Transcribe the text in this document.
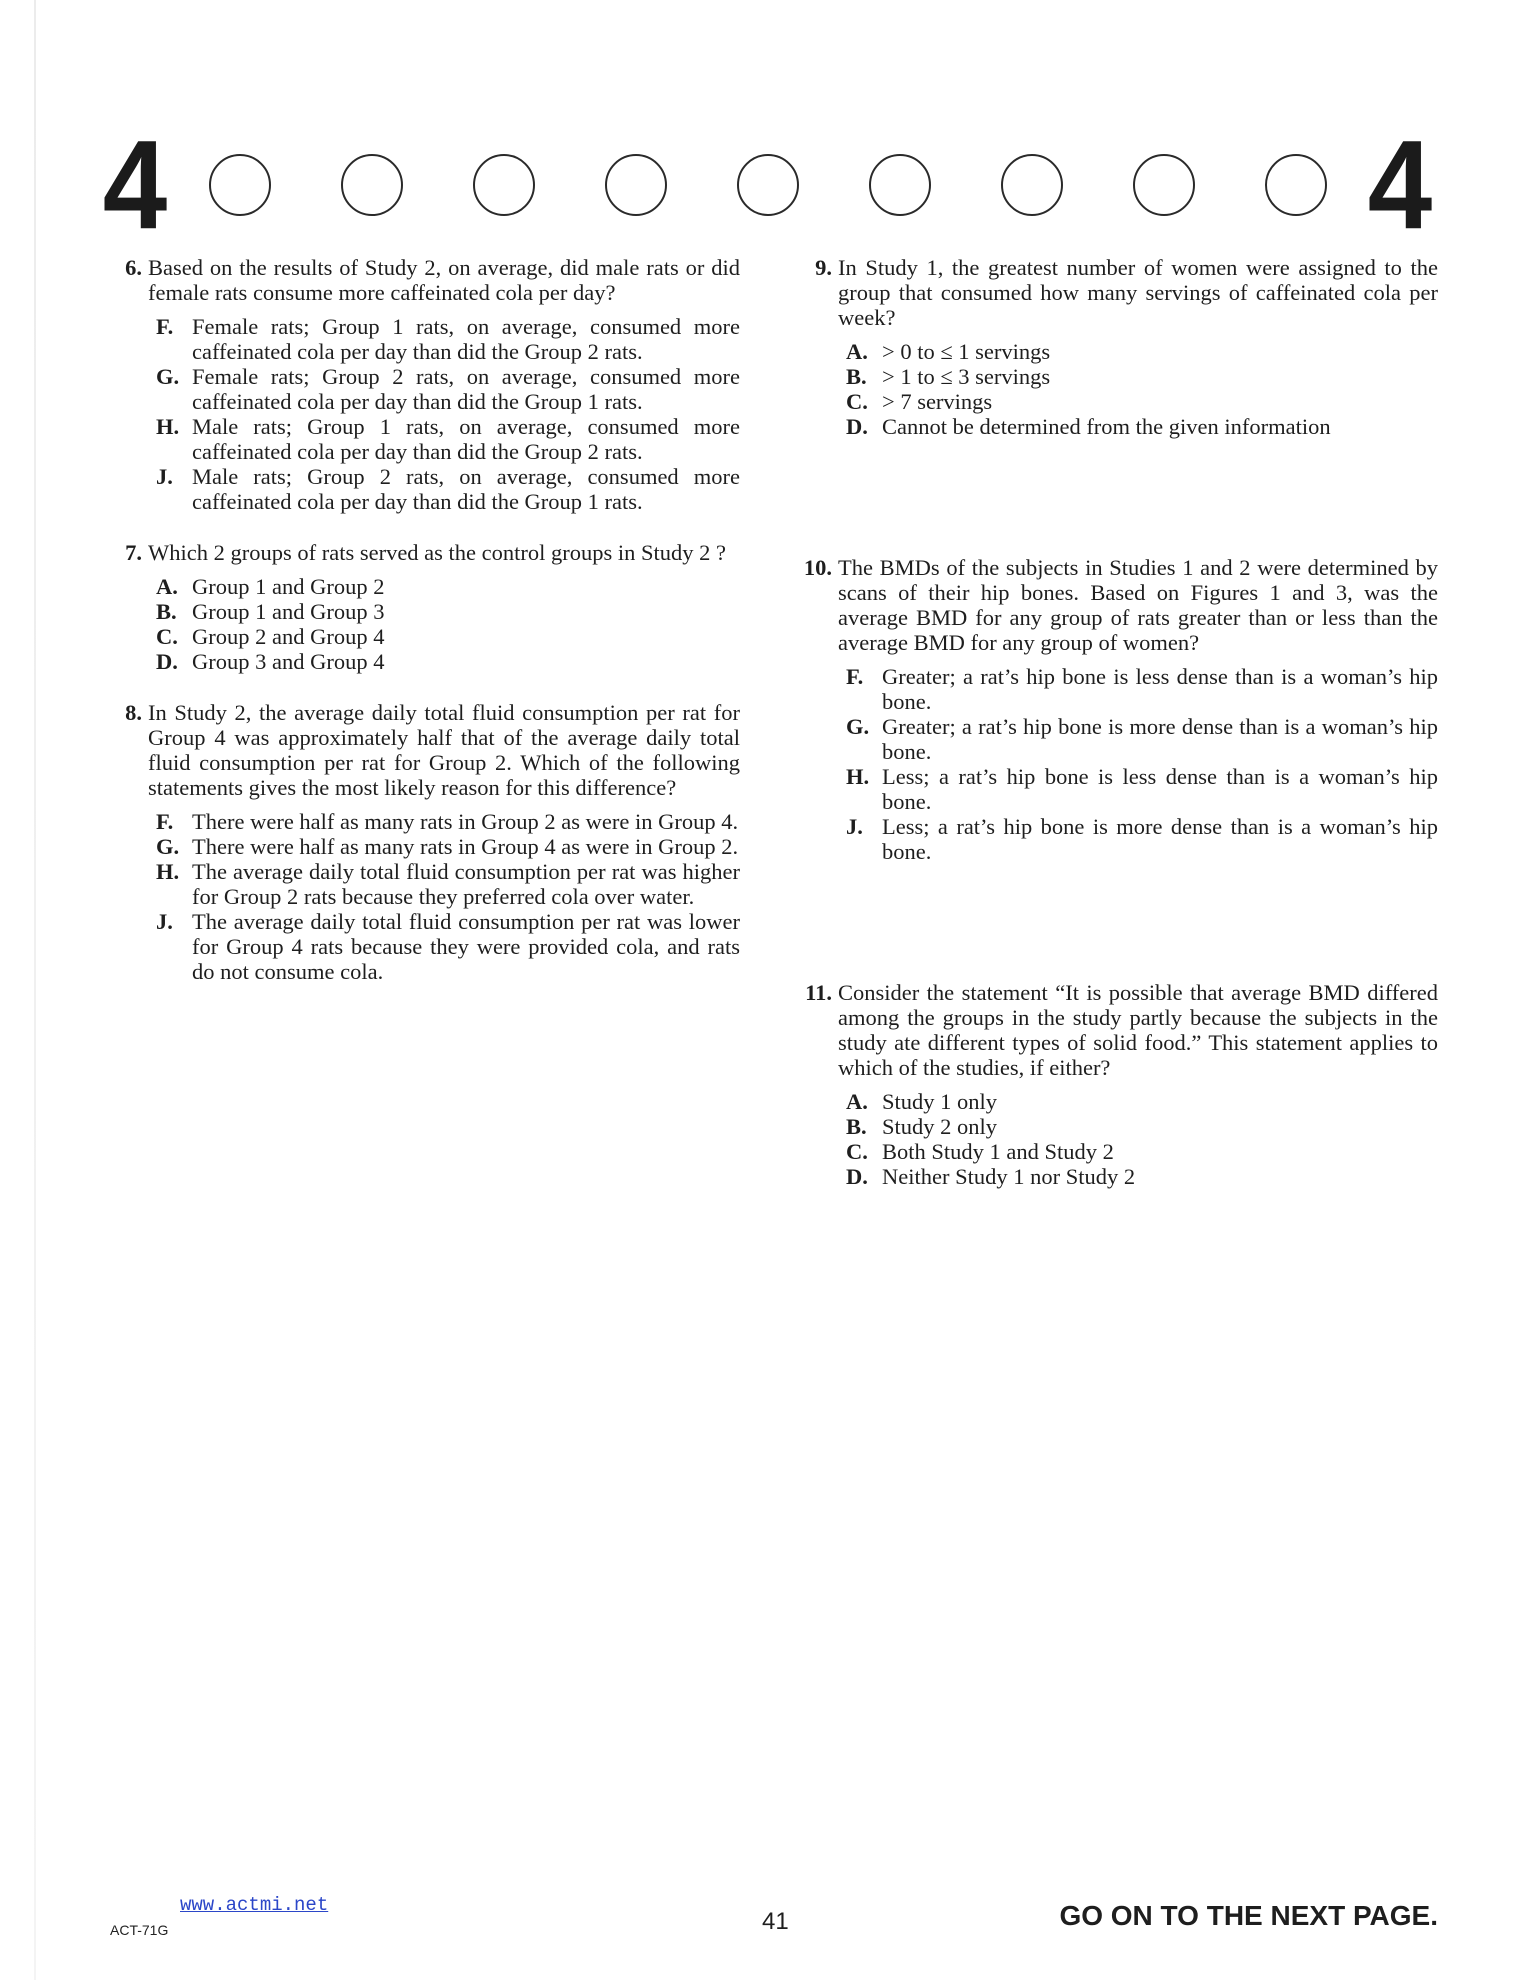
4	4
6. Based on the results of Study 2, on average, did male rats or did female rats consume more caffeinated cola per day?
F. Female rats; Group 1 rats, on average, consumed more caffeinated cola per day than did the Group 2 rats.
G. Female rats; Group 2 rats, on average, consumed more caffeinated cola per day than did the Group 1 rats.
H. Male rats; Group 1 rats, on average, consumed more caffeinated cola per day than did the Group 2 rats.
J. Male rats; Group 2 rats, on average, consumed more caffeinated cola per day than did the Group 1 rats.
7. Which 2 groups of rats served as the control groups in Study 2 ?
A. Group 1 and Group 2
B. Group 1 and Group 3
C. Group 2 and Group 4
D. Group 3 and Group 4
8. In Study 2, the average daily total fluid consumption per rat for Group 4 was approximately half that of the average daily total fluid consumption per rat for Group 2. Which of the following statements gives the most likely reason for this difference?
F. There were half as many rats in Group 2 as were in Group 4.
G. There were half as many rats in Group 4 as were in Group 2.
H. The average daily total fluid consumption per rat was higher for Group 2 rats because they preferred cola over water.
J. The average daily total fluid consumption per rat was lower for Group 4 rats because they were provided cola, and rats do not consume cola.
9. In Study 1, the greatest number of women were assigned to the group that consumed how many servings of caffeinated cola per week?
A. > 0 to ≤ 1 servings
B. > 1 to ≤ 3 servings
C. > 7 servings
D. Cannot be determined from the given information
10. The BMDs of the subjects in Studies 1 and 2 were determined by scans of their hip bones. Based on Figures 1 and 3, was the average BMD for any group of rats greater than or less than the average BMD for any group of women?
F. Greater; a rat’s hip bone is less dense than is a woman’s hip bone.
G. Greater; a rat’s hip bone is more dense than is a woman’s hip bone.
H. Less; a rat’s hip bone is less dense than is a woman’s hip bone.
J. Less; a rat’s hip bone is more dense than is a woman’s hip bone.
11. Consider the statement “It is possible that average BMD differed among the groups in the study partly because the subjects in the study ate different types of solid food.” This statement applies to which of the studies, if either?
A. Study 1 only
B. Study 2 only
C. Both Study 1 and Study 2
D. Neither Study 1 nor Study 2
www.actmi.net
ACT-71G	41	GO ON TO THE NEXT PAGE.
